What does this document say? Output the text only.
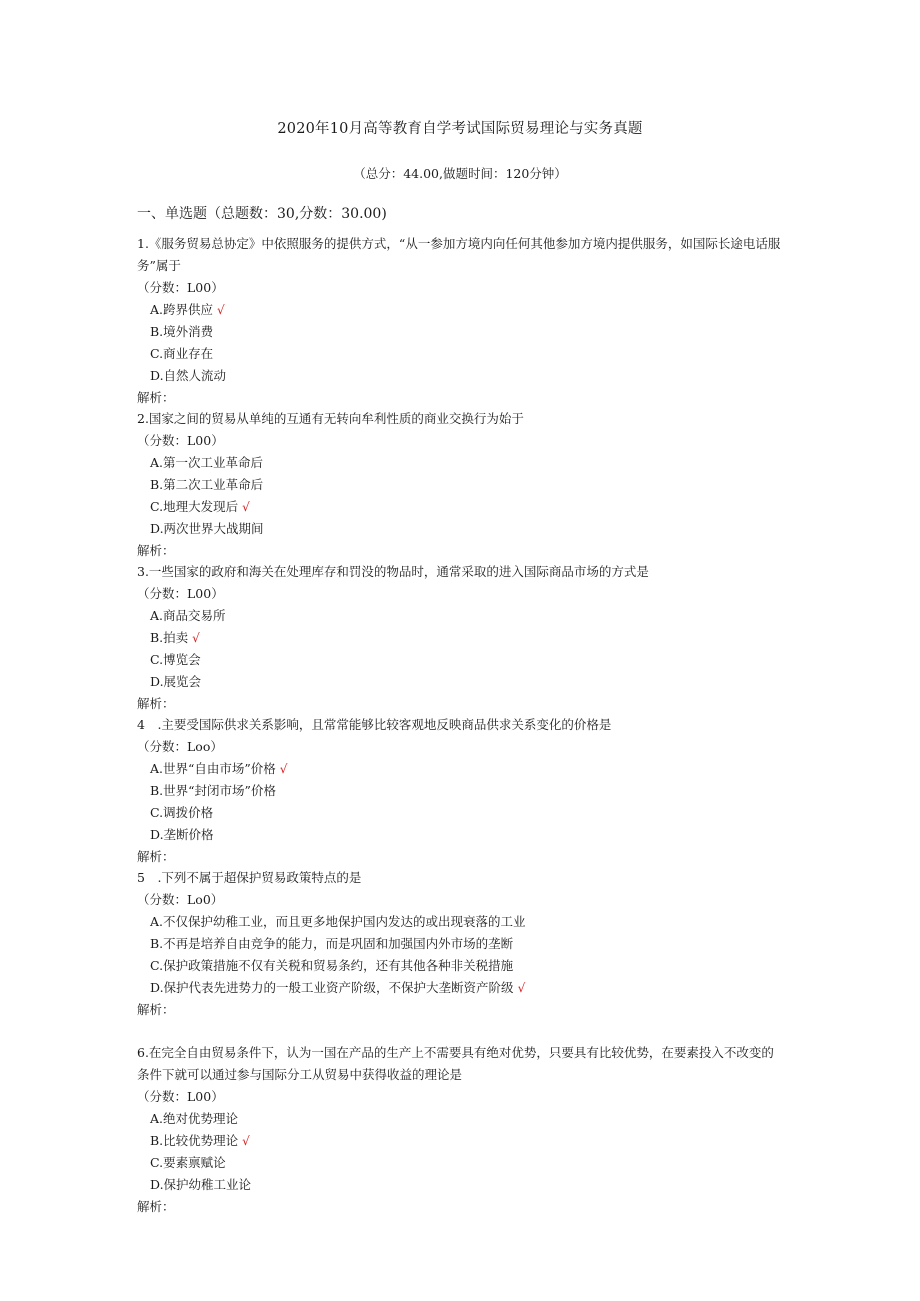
2020年10月高等教育自学考试国际贸易理论与实务真题
（总分：44.00,做题时间：120分钟）
一、单选题（总题数：30,分数：30.00)
1.《服务贸易总协定》中依照服务的提供方式，“从一参加方境内向任何其他参加方境内提供服务，如国际长途电话服务”属于
（分数：L00）
A.跨界供应 √
B.境外消费
C.商业存在
D.自然人流动
解析：
2.国家之间的贸易从单纯的互通有无转向牟利性质的商业交换行为始于
（分数：L00）
A.第一次工业革命后
B.第二次工业革命后
C.地理大发现后 √
D.两次世界大战期间
解析：
3.一些国家的政府和海关在处理库存和罚没的物品时，通常采取的进入国际商品市场的方式是
（分数：L00）
A.商品交易所
B.拍卖 √
C.博览会
D.展览会
解析：
4　.主要受国际供求关系影响，且常常能够比较客观地反映商品供求关系变化的价格是
（分数：Loo）
A.世界“自由市场”价格 √
B.世界“封闭市场”价格
C.调拨价格
D.垄断价格
解析：
5　.下列不属于超保护贸易政策特点的是
（分数：Lo0）
A.不仅保护幼稚工业，而且更多地保护国内发达的或出现衰落的工业
B.不再是培养自由竞争的能力，而是巩固和加强国内外市场的垄断
C.保护政策措施不仅有关税和贸易条约，还有其他各种非关税措施
D.保护代表先进势力的一般工业资产阶级，不保护大垄断资产阶级 √
解析：
6.在完全自由贸易条件下，认为一国在产品的生产上不需要具有绝对优势，只要具有比较优势，在要素投入不改变的条件下就可以通过参与国际分工从贸易中获得收益的理论是
（分数：L00）
A.绝对优势理论
B.比较优势理论 √
C.要素禀赋论
D.保护幼稚工业论
解析：
